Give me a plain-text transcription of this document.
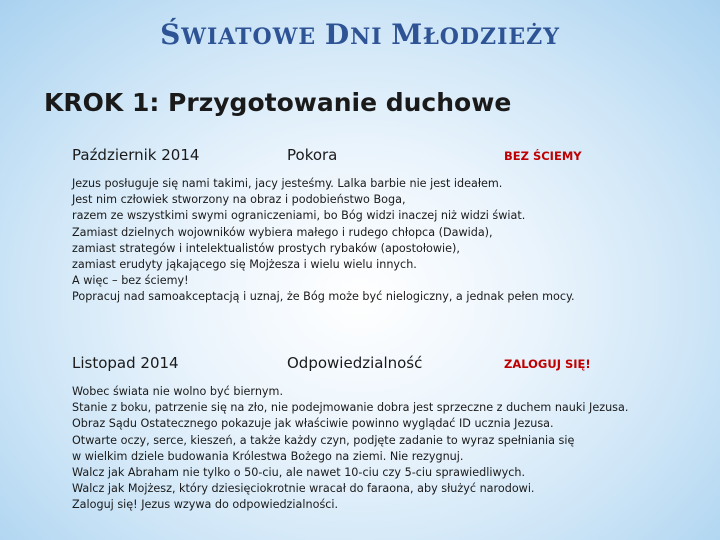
ŚWIATOWE DNI MŁODZIEŻY
KROK 1: Przygotowanie duchowe
Październik 2014	Pokora	BEZ ŚCIEMY
Jezus posługuje się nami takimi, jacy jesteśmy. Lalka barbie nie jest ideałem.
Jest nim człowiek stworzony na obraz i podobieństwo Boga,
razem ze wszystkimi swymi ograniczeniami, bo Bóg widzi inaczej niż widzi świat.
Zamiast dzielnych wojowników wybiera małego i rudego chłopca (Dawida),
zamiast strategów i intelektualistów prostych rybaków (apostołowie),
zamiast erudyty jąkającego się Mojżesza i wielu wielu innych.
A więc – bez ściemy!
Popracuj nad samoakceptacją i uznaj, że Bóg może być nielogiczny, a jednak pełen mocy.
Listopad 2014	Odpowiedzialność	ZALOGUJ SIĘ!
Wobec świata nie wolno być biernym.
Stanie z boku, patrzenie się na zło, nie podejmowanie dobra jest sprzeczne z duchem nauki Jezusa.
Obraz Sądu Ostatecznego pokazuje jak właściwie powinno wyglądać ID ucznia Jezusa.
Otwarte oczy, serce, kieszeń, a także każdy czyn, podjęte zadanie to wyraz spełniania się
w wielkim dziele budowania Królestwa Bożego na ziemi. Nie rezygnuj.
Walcz jak Abraham nie tylko o 50-ciu, ale nawet 10-ciu czy 5-ciu sprawiedliwych.
Walcz jak Mojżesz, który dziesięciokrotnie wracał do faraona, aby służyć narodowi.
Zaloguj się! Jezus wzywa do odpowiedzialności.
